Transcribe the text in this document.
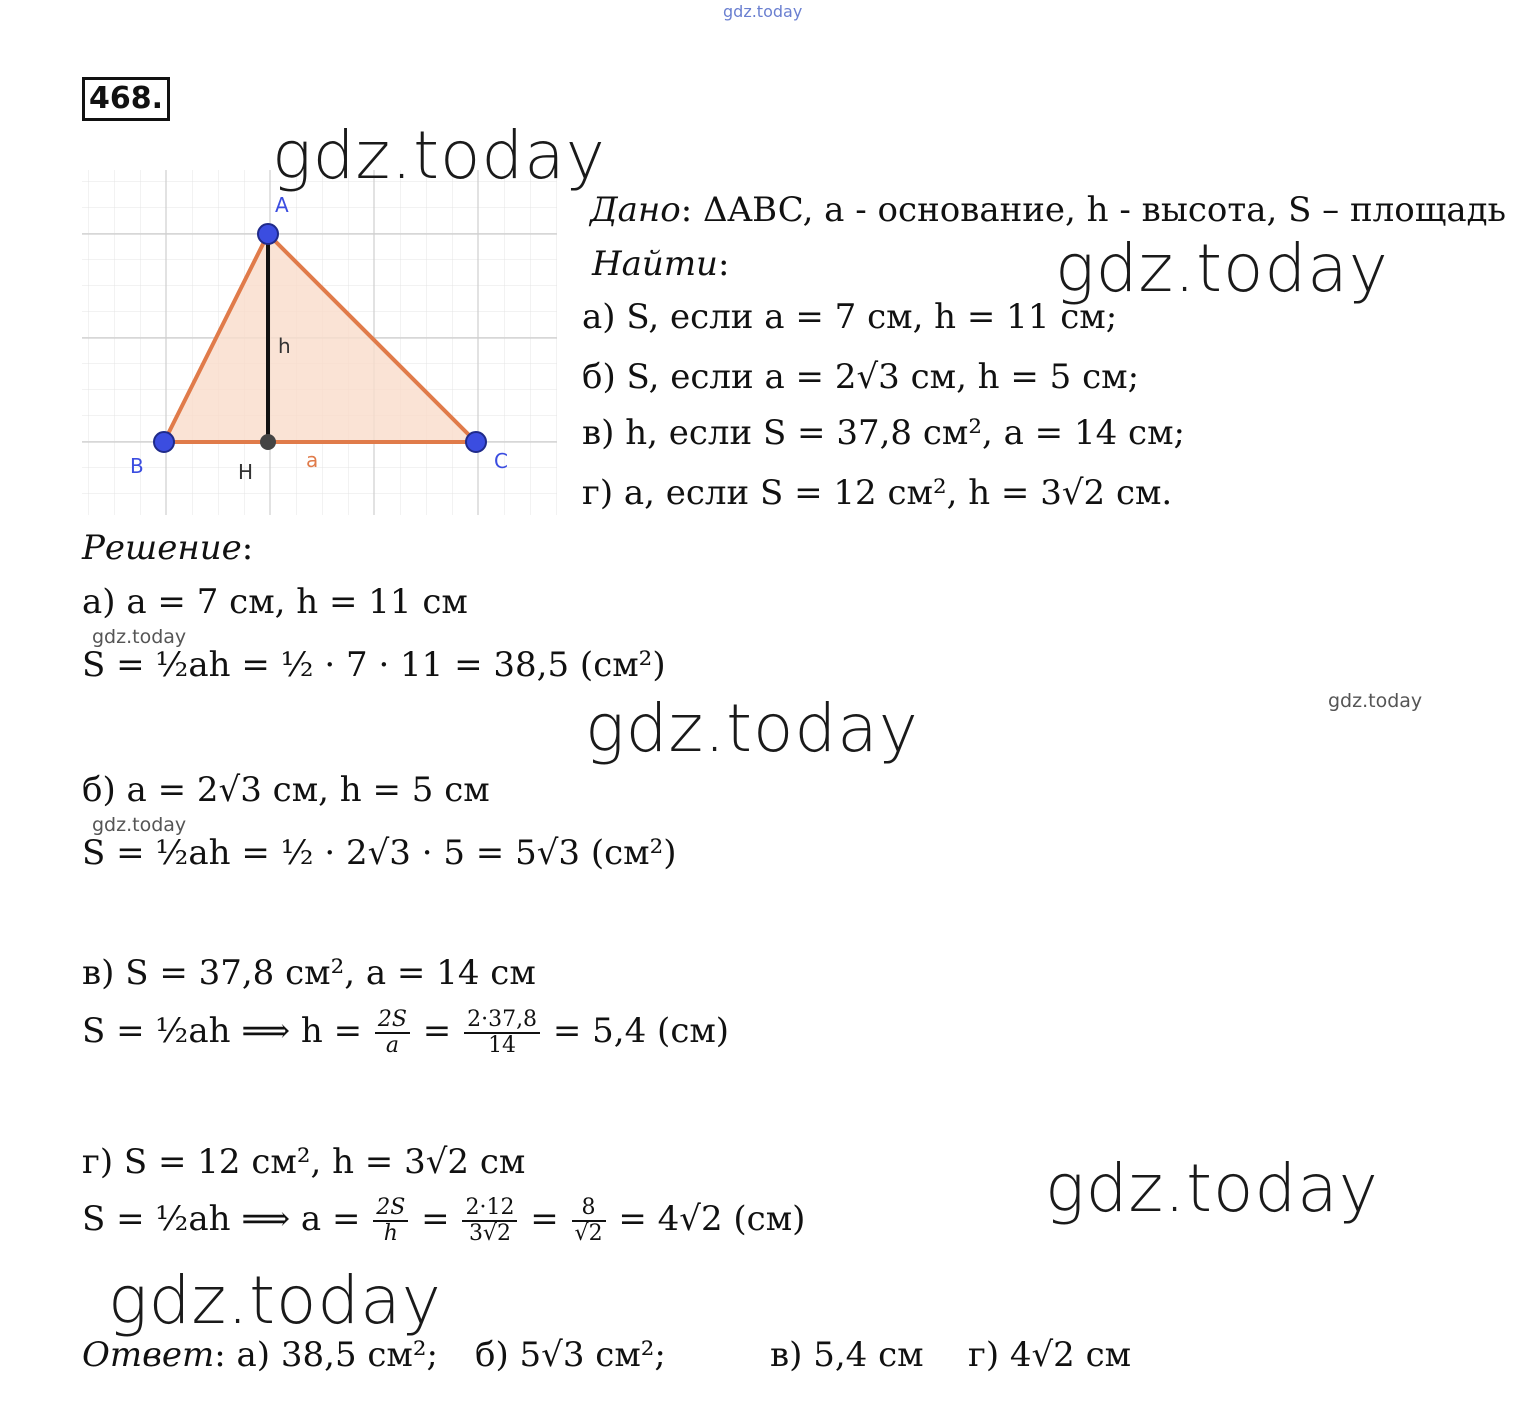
gdz.today
468.
A
B	C
H
h
a
Дано: ΔABC, a - основание, h - высота, S – площадь
Найти:
а) S, если a = 7 см, h = 11 см;
б) S, если a = 2√3 см, h = 5 см;
в) h, если S = 37,8 см², a = 14 см;
г) a, если S = 12 см², h = 3√2 см.
Решение:
а) a = 7 см, h = 11 см
S = ½ah = ½ · 7 · 11 = 38,5 (см²)
б) a = 2√3 см, h = 5 см
S = ½ah = ½ · 2√3 · 5 = 5√3 (см²)
в) S = 37,8 см², a = 14 см
S = ½ah ⟹ $h = \frac{2S}{a} = \frac{2\cdot 37,8}{14} = 5,4$ (см)
г) S = 12 см², h = 3√2 см
S = ½ah ⟹ $a = \frac{2S}{h} = \frac{2\cdot 12}{3√2} = \frac{8}{√2} = 4√2$ (см)
Ответ: а) 38,5 см²; б) 5√3 см²;	в) 5,4 см г) 4√2 см
gdz.today
gdz.today
gdz.today
gdz.today
gdz.today
gdz.today
gdz.today
gdz.today
